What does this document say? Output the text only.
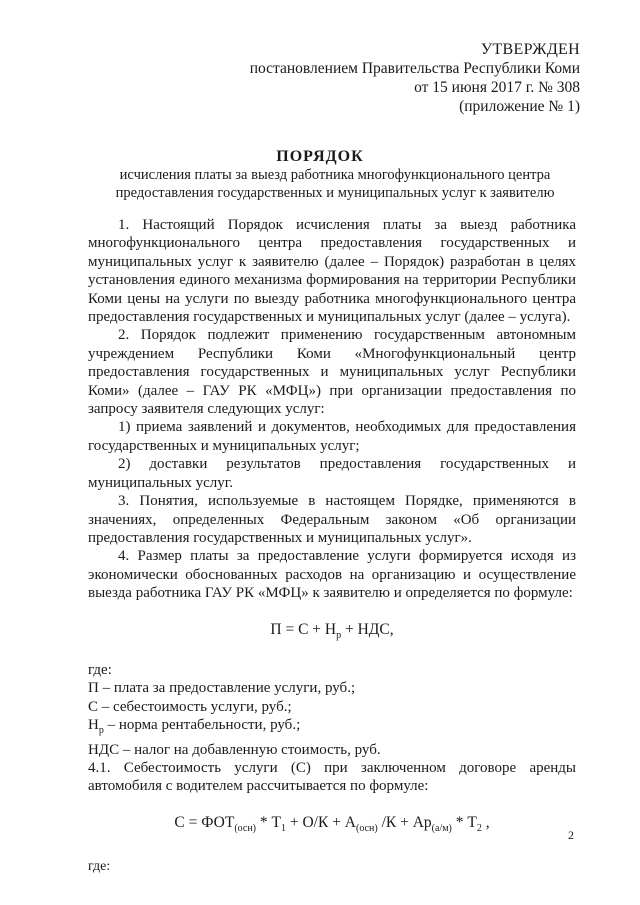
УТВЕРЖДЕН
постановлением Правительства Республики Коми
от 15 июня 2017 г. № 308
(приложение № 1)
ПОРЯДОК
исчисления платы за выезд работника многофункционального центра предоставления государственных и муниципальных услуг к заявителю

1. Настоящий Порядок исчисления платы за выезд работника многофункционального центра предоставления государственных и муниципальных услуг к заявителю (далее – Порядок) разработан в целях установления единого механизма формирования на территории Республики Коми цены на услуги по выезду работника многофункционального центра предоставления государственных и муниципальных услуг (далее – услуга).

2. Порядок подлежит применению государственным автономным учреждением Республики Коми «Многофункциональный центр предоставления государственных и муниципальных услуг Республики Коми» (далее – ГАУ РК «МФЦ») при организации предоставления по запросу заявителя следующих услуг:

1) приема заявлений и документов, необходимых для предоставления государственных и муниципальных услуг;

2) доставки результатов предоставления государственных и муниципальных услуг.

3. Понятия, используемые в настоящем Порядке, применяются в значениях, определенных Федеральным законом «Об организации предоставления государственных и муниципальных услуг».

4. Размер платы за предоставление услуги формируется исходя из экономически обоснованных расходов на организацию и осуществление выезда работника ГАУ РК «МФЦ» к заявителю и определяется по формуле:

$П = С + Н_р$ + НДС,

где:

П – плата за предоставление услуги, руб.;

С – себестоимость услуги, руб.;

$Н_р$ – норма рентабельности, руб.;

НДС – налог на добавленную стоимость, руб.

4.1. Себестоимость услуги (С) при заключенном договоре аренды автомобиля с водителем рассчитывается по формуле:

$С = ФОТ_{(осн)} * Т_1 + О/К + А_{(осн)}$ $/К + Ар_{(а/м)} * Т_2$ ,

где:

2
